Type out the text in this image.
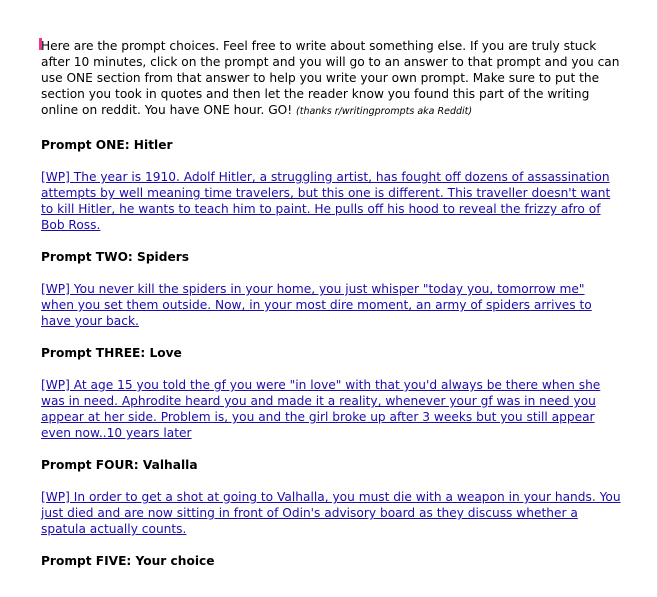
Here are the prompt choices. Feel free to write about something else. If you are truly stuck after 10 minutes, click on the prompt and you will go to an answer to that prompt and you can use ONE section from that answer to help you write your own prompt. Make sure to put the section you took in quotes and then let the reader know you found this part of the writing online on reddit. You have ONE hour. GO! (thanks r/writingprompts aka Reddit)

Prompt ONE: Hitler

[WP] The year is 1910. Adolf Hitler, a struggling artist, has fought off dozens of assassination attempts by well meaning time travelers, but this one is different. This traveller doesn't want to kill Hitler, he wants to teach him to paint. He pulls off his hood to reveal the frizzy afro of Bob Ross.

Prompt TWO: Spiders

[WP] You never kill the spiders in your home, you just whisper "today you, tomorrow me" when you set them outside. Now, in your most dire moment, an army of spiders arrives to have your back.

Prompt THREE: Love

[WP] At age 15 you told the gf you were "in love" with that you'd always be there when she was in need. Aphrodite heard you and made it a reality, whenever your gf was in need you appear at her side. Problem is, you and the girl broke up after 3 weeks but you still appear even now..10 years later

Prompt FOUR: Valhalla

[WP] In order to get a shot at going to Valhalla, you must die with a weapon in your hands. You just died and are now sitting in front of Odin's advisory board as they discuss whether a spatula actually counts.

Prompt FIVE: Your choice
